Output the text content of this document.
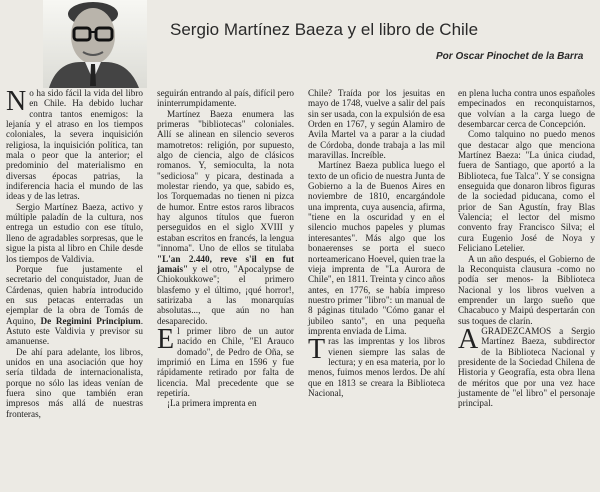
Sergio Martínez Baeza y el libro de Chile
Por Oscar Pinochet de la Barra

No ha sido fácil la vida del libro en Chile. Ha debido luchar contra tantos enemigos: la lejanía y el atraso en los tiempos coloniales, la severa inquisición religiosa, la inquisición política, tan mala o peor que la anterior; el predominio del materialismo en diversas épocas patrias, la indiferencia hacia el mundo de las ideas y de las letras.

Sergio Martínez Baeza, activo y múltiple paladín de la cultura, nos entrega un estudio con ese título, lleno de agradables sorpresas, que le sigue la pista al libro en Chile desde los tiempos de Valdivia.

Porque fue justamente el secretario del conquistador, Juan de Cárdenas, quien habría introducido en sus petacas enterradas un ejemplar de la obra de Tomás de Aquino, De Regimini Principium. Astuto este Valdivia y previsor su amanuense.

De ahí para adelante, los libros, unidos en una asociación que hoy sería tildada de internacionalista, porque no sólo las ideas venían de fuera sino que también eran impresos más allá de nuestras fronteras,

seguirán entrando al país, difícil pero ininterrumpidamente.

Martínez Baeza enumera las primeras "bibliotecas" coloniales. Allí se alinean en silencio severos mamotretos: religión, por supuesto, algo de ciencia, algo de clásicos romanos. Y, semioculta, la nota "sediciosa" y picara, destinada a molestar riendo, ya que, sabido es, los Torquemadas no tienen ni pizca de humor. Entre estos raros libracos hay algunos títulos que fueron perseguidos en el siglo XVIII y estaban escritos en francés, la lengua "innoma". Uno de ellos se titulaba "L'an 2.440, reve s'il en fut jamais" y el otro, "Apocalypse de Chiokoukkowe"; el primero blasfemo y el último, ¡qué horror!, satirizaba a las monarquías absolutas..., que aún no han desaparecido.

El primer libro de un autor nacido en Chile, "El Arauco domado", de Pedro de Oña, se imprimió en Lima en 1596 y fue rápidamente retirado por falta de licencia. Mal precedente que se repetiría.

¡La primera imprenta en

Chile? Traída por los jesuitas en mayo de 1748, vuelve a salir del país sin ser usada, con la expulsión de esa Orden en 1767, y según Alamiro de Avila Martel va a parar a la ciudad de Córdoba, donde trabaja a las mil maravillas. Increíble.

Martínez Baeza publica luego el texto de un oficio de nuestra Junta de Gobierno a la de Buenos Aires en noviembre de 1810, encargándole una imprenta, cuya ausencia, afirma, "tiene en la oscuridad y en el silencio muchos papeles y plumas interesantes". Más algo que los bonaerenses se porta el sueco norteamericano Hoevel, quien trae la vieja imprenta de "La Aurora de Chile", en 1811. Treinta y cinco años antes, en 1776, se había impreso nuestro primer "libro": un manual de 8 páginas titulado "Cómo ganar el jubileo santo", en una pequeña imprenta enviada de Lima.

Tras las imprentas y los libros vienen siempre las salas de lectura; y en esa materia, por lo menos, fuimos menos lerdos. De ahí que en 1813 se creara la Biblioteca Nacional,

en plena lucha contra unos españoles empecinados en reconquistarnos, que volvían a la carga luego de desembarcar cerca de Concepción.

Como talquino no puedo menos que destacar algo que menciona Martínez Baeza: "La única ciudad, fuera de Santiago, que aportó a la Biblioteca, fue Talca". Y se consigna enseguida que donaron libros figuras de la sociedad piducana, como el prior de San Agustín, fray Blas Valencia; el lector del mismo convento fray Francisco Silva; el cura Eugenio José de Noya y Feliciano Letelier.

A un año después, el Gobierno de la Reconquista clausura -como no podía ser menos- la Biblioteca Nacional y los libros vuelven a emprender un largo sueño que Chacabuco y Maipú despertarán con sus toques de clarín.

AGRADEZCAMOS a Sergio Martínez Baeza, subdirector de la Biblioteca Nacional y presidente de la Sociedad Chilena de Historia y Geografía, esta obra llena de méritos que por una vez hace justamente de "el libro" el personaje principal.
